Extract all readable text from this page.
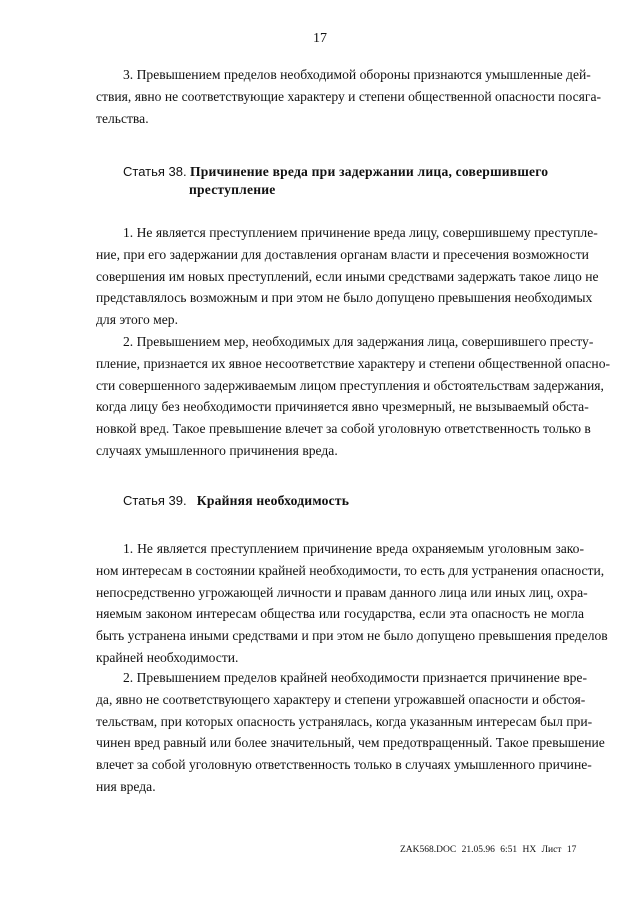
17
3. Превышением пределов необходимой обороны признаются умышленные дей-
ствия, явно не соответствующие характеру и степени общественной опасности посяга-
тельства.
Статья 38. Причинение вреда при задержании лица, совершившего
преступление
1. Не является преступлением причинение вреда лицу, совершившему преступле-
ние, при его задержании для доставления органам власти и пресечения возможности
совершения им новых преступлений, если иными средствами задержать такое лицо не
представлялось возможным и при этом не было допущено превышения необходимых
для этого мер.
2. Превышением мер, необходимых для задержания лица, совершившего престу-
пление, признается их явное несоответствие характеру и степени общественной опасно-
сти совершенного задерживаемым лицом преступления и обстоятельствам задержания,
когда лицу без необходимости причиняется явно чрезмерный, не вызываемый обста-
новкой вред. Такое превышение влечет за собой уголовную ответственность только в
случаях умышленного причинения вреда.
Статья 39. Крайняя необходимость
1. Не является преступлением причинение вреда охраняемым уголовным зако-
ном интересам в состоянии крайней необходимости, то есть для устранения опасности,
непосредственно угрожающей личности и правам данного лица или иных лиц, охра-
няемым законом интересам общества или государства, если эта опасность не могла
быть устранена иными средствами и при этом не было допущено превышения пределов
крайней необходимости.
2. Превышением пределов крайней необходимости признается причинение вре-
да, явно не соответствующего характеру и степени угрожавшей опасности и обстоя-
тельствам, при которых опасность устранялась, когда указанным интересам был при-
чинен вред равный или более значительный, чем предотвращенный. Такое превышение
влечет за собой уголовную ответственность только в случаях умышленного причине-
ния вреда.
ZAK568.DOC 21.05.96 6:51 HX Лист 17
